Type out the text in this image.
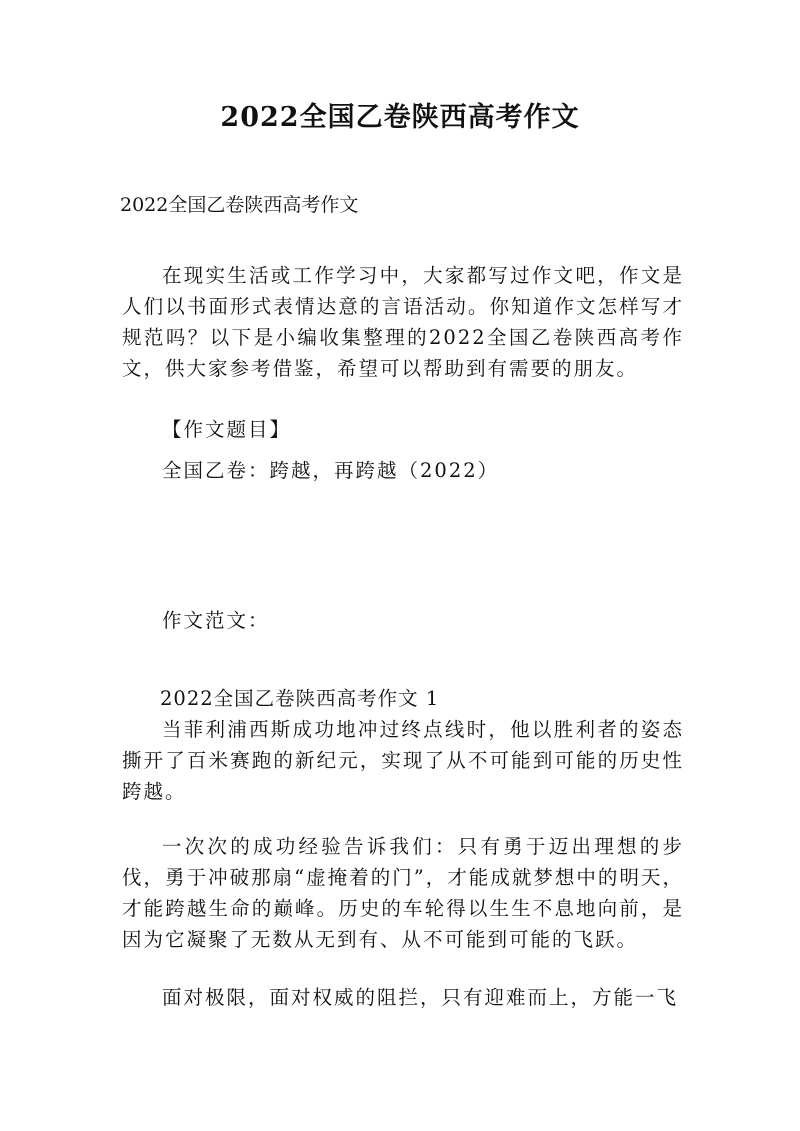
2022全国乙卷陕西高考作文
2022全国乙卷陕西高考作文

在现实生活或工作学习中，大家都写过作文吧，作文是人们以书面形式表情达意的言语活动。你知道作文怎样写才规范吗？以下是小编收集整理的2022全国乙卷陕西高考作文，供大家参考借鉴，希望可以帮助到有需要的朋友。

【作文题目】
全国乙卷：跨越，再跨越（2022）
作文范文：
2022全国乙卷陕西高考作文 1

当菲利浦西斯成功地冲过终点线时，他以胜利者的姿态撕开了百米赛跑的新纪元，实现了从不可能到可能的历史性跨越。

一次次的成功经验告诉我们：只有勇于迈出理想的步伐，勇于冲破那扇“虚掩着的门”，才能成就梦想中的明天，才能跨越生命的巅峰。历史的车轮得以生生不息地向前，是因为它凝聚了无数从无到有、从不可能到可能的飞跃。

面对极限，面对权威的阻拦，只有迎难而上，方能一飞
